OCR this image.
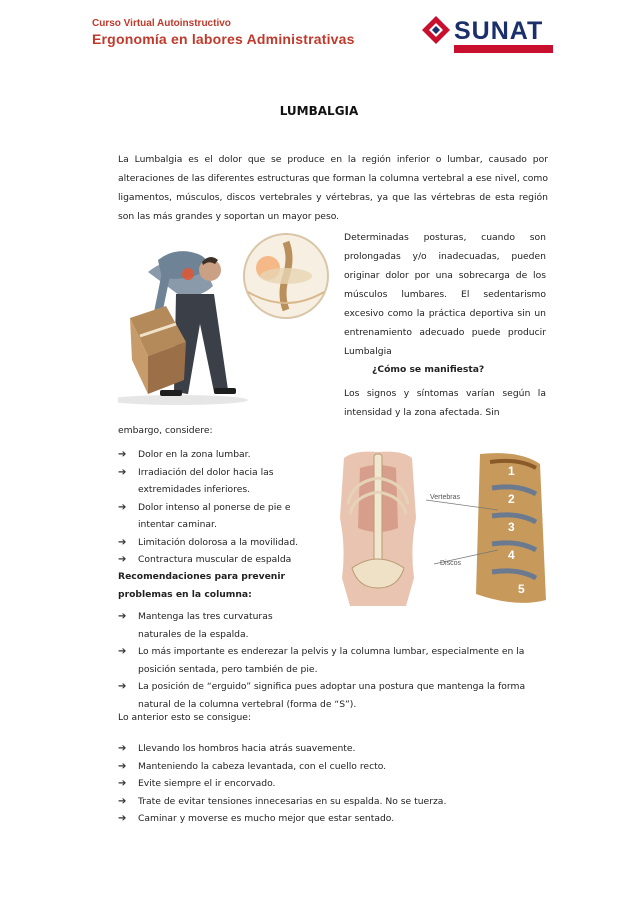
Curso Virtual Autoinstructivo
Ergonomía en labores Administrativas	SUNAT
SUPERINTENDENCIA NACIONAL DE ADUANAS Y DE ADMINISTRACIÓN TRIBUTARIA
LUMBALGIA

La Lumbalgia es el dolor que se produce en la región inferior o lumbar, causado por alteraciones de las diferentes estructuras que forman la columna vertebral a ese nivel, como ligamentos, músculos, discos vertebrales y vértebras, ya que las vértebras de esta región son las más grandes y soportan un mayor peso.

Determinadas posturas, cuando son prolongadas y/o inadecuadas, pueden originar dolor por una sobrecarga de los músculos lumbares. El sedentarismo excesivo como la práctica deportiva sin un entrenamiento adecuado puede producir Lumbalgia

¿Cómo se manifiesta?

Los signos y síntomas varían según la intensidad y la zona afectada. Sin

embargo, considere:

➔ Dolor en la zona lumbar.
➔ Irradiación del dolor hacia las extremidades inferiores.
➔ Dolor intenso al ponerse de pie e intentar caminar.
➔ Limitación dolorosa a la movilidad.
➔ Contractura muscular de espalda
Vertebras
Discos
1
2
3
4
5
Recomendaciones para prevenir
problemas en la columna:
➔ Mantenga las tres curvaturas naturales de la espalda.
➔ Lo más importante es enderezar la pelvis y la columna lumbar, especialmente en la posición sentada, pero también de pie.
➔ La posición de “erguido” significa pues adoptar una postura que mantenga la forma natural de la columna vertebral (forma de “S”).
Lo anterior esto se consigue:
➔ Llevando los hombros hacia atrás suavemente.
➔ Manteniendo la cabeza levantada, con el cuello recto.
➔ Evite siempre el ir encorvado.
➔ Trate de evitar tensiones innecesarias en su espalda. No se tuerza.
➔ Caminar y moverse es mucho mejor que estar sentado.
